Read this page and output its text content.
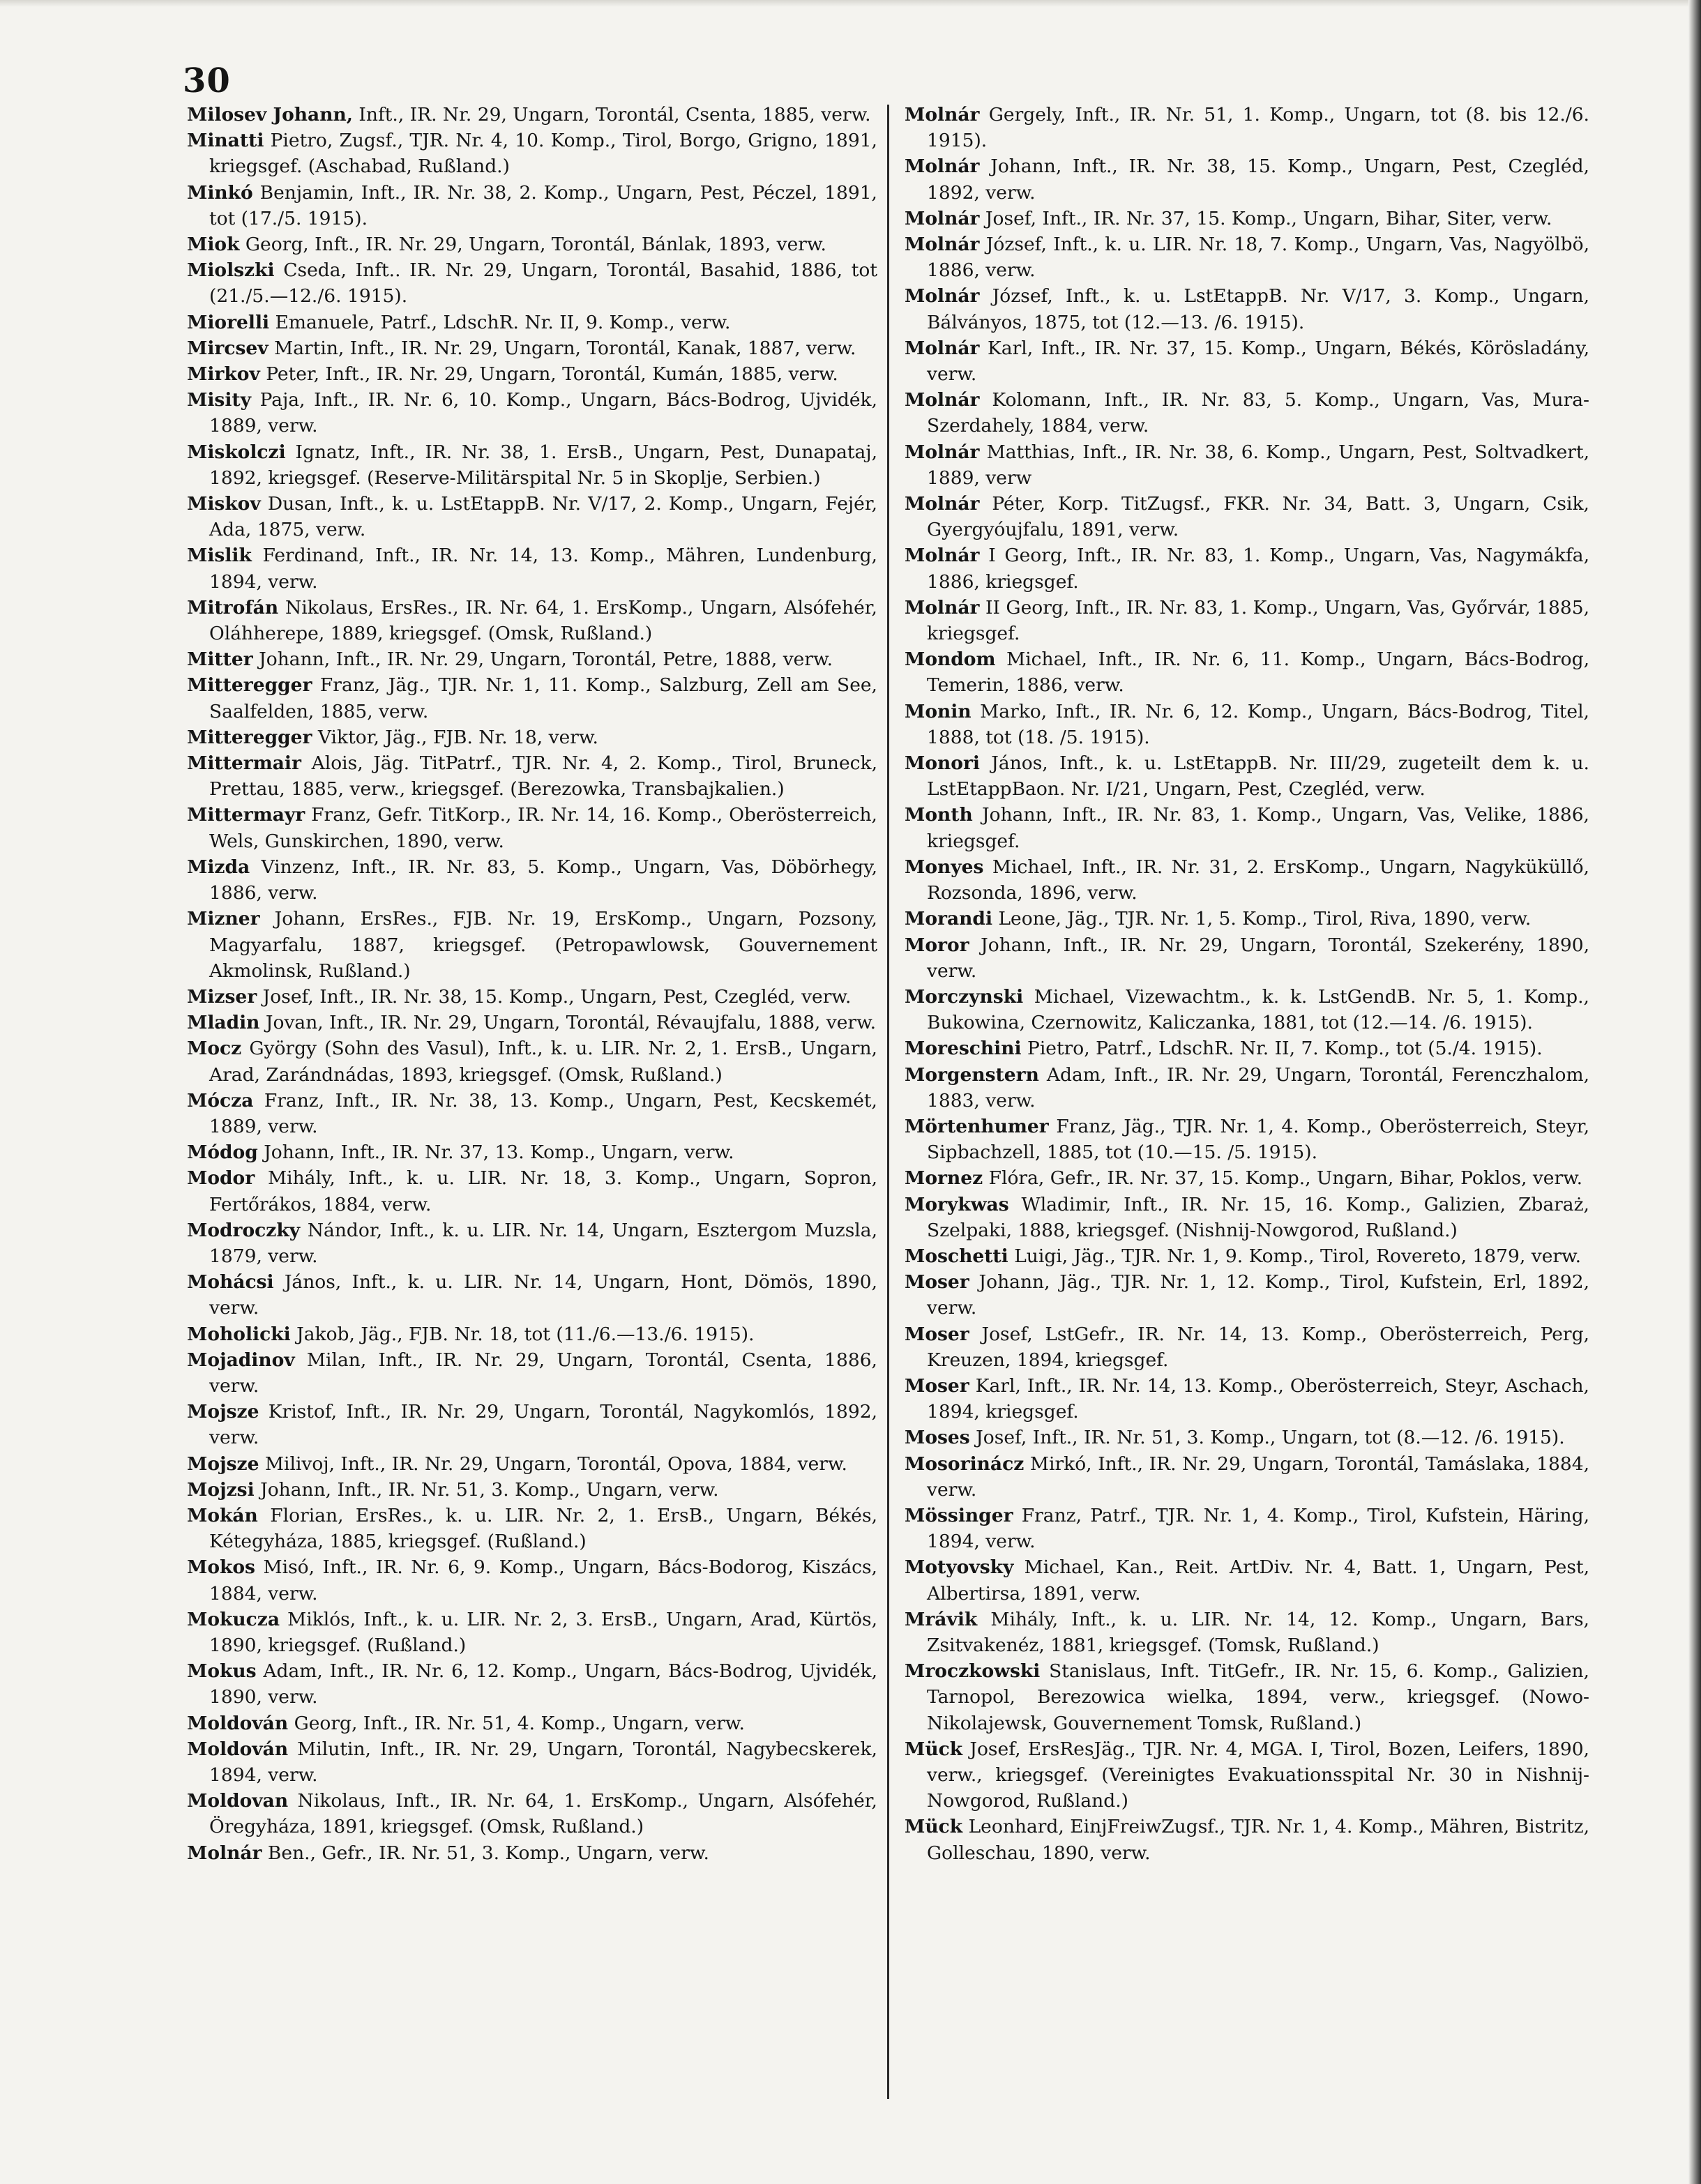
30
Milosev Johann, Inft., IR. Nr. 29, Ungarn, Torontál, Csenta, 1885, verw.
Minatti Pietro, Zugsf., TJR. Nr. 4, 10. Komp., Tirol, Borgo, Grigno, 1891, kriegsgef. (Aschabad, Rußland.)
Minkó Benjamin, Inft., IR. Nr. 38, 2. Komp., Ungarn, Pest, Péczel, 1891, tot (17./5. 1915).
Miok Georg, Inft., IR. Nr. 29, Ungarn, Torontál, Bánlak, 1893, verw.
Miolszki Cseda, Inft.. IR. Nr. 29, Ungarn, Torontál, Basahid, 1886, tot (21./5.—12./6. 1915).
Miorelli Emanuele, Patrf., LdschR. Nr. II, 9. Komp., verw.
Mircsev Martin, Inft., IR. Nr. 29, Ungarn, Torontál, Kanak, 1887, verw.
Mirkov Peter, Inft., IR. Nr. 29, Ungarn, Torontál, Kumán, 1885, verw.
Misity Paja, Inft., IR. Nr. 6, 10. Komp., Ungarn, Bács-Bodrog, Ujvidék, 1889, verw.
Miskolczi Ignatz, Inft., IR. Nr. 38, 1. ErsB., Ungarn, Pest, Dunapataj, 1892, kriegsgef. (Reserve-Militärspital Nr. 5 in Skoplje, Serbien.)
Miskov Dusan, Inft., k. u. LstEtappB. Nr. V/17, 2. Komp., Ungarn, Fejér, Ada, 1875, verw.
Mislik Ferdinand, Inft., IR. Nr. 14, 13. Komp., Mähren, Lundenburg, 1894, verw.
Mitrofán Nikolaus, ErsRes., IR. Nr. 64, 1. ErsKomp., Ungarn, Alsófehér, Oláhherepe, 1889, kriegsgef. (Omsk, Rußland.)
Mitter Johann, Inft., IR. Nr. 29, Ungarn, Torontál, Petre, 1888, verw.
Mitteregger Franz, Jäg., TJR. Nr. 1, 11. Komp., Salzburg, Zell am See, Saalfelden, 1885, verw.
Mitteregger Viktor, Jäg., FJB. Nr. 18, verw.
Mittermair Alois, Jäg. TitPatrf., TJR. Nr. 4, 2. Komp., Tirol, Bruneck, Prettau, 1885, verw., kriegsgef. (Berezowka, Transbajkalien.)
Mittermayr Franz, Gefr. TitKorp., IR. Nr. 14, 16. Komp., Oberösterreich, Wels, Gunskirchen, 1890, verw.
Mizda Vinzenz, Inft., IR. Nr. 83, 5. Komp., Ungarn, Vas, Döbörhegy, 1886, verw.
Mizner Johann, ErsRes., FJB. Nr. 19, ErsKomp., Ungarn, Pozsony, Magyarfalu, 1887, kriegsgef. (Petropawlowsk, Gouvernement Akmolinsk, Rußland.)
Mizser Josef, Inft., IR. Nr. 38, 15. Komp., Ungarn, Pest, Czegléd, verw.
Mladin Jovan, Inft., IR. Nr. 29, Ungarn, Torontál, Révaujfalu, 1888, verw.
Mocz György (Sohn des Vasul), Inft., k. u. LIR. Nr. 2, 1. ErsB., Ungarn, Arad, Zarándnádas, 1893, kriegsgef. (Omsk, Rußland.)
Mócza Franz, Inft., IR. Nr. 38, 13. Komp., Ungarn, Pest, Kecskemét, 1889, verw.
Módog Johann, Inft., IR. Nr. 37, 13. Komp., Ungarn, verw.
Modor Mihály, Inft., k. u. LIR. Nr. 18, 3. Komp., Ungarn, Sopron, Fertőrákos, 1884, verw.
Modroczky Nándor, Inft., k. u. LIR. Nr. 14, Ungarn, Esztergom Muzsla, 1879, verw.
Mohácsi János, Inft., k. u. LIR. Nr. 14, Ungarn, Hont, Dömös, 1890, verw.
Moholicki Jakob, Jäg., FJB. Nr. 18, tot (11./6.—13./6. 1915).
Mojadinov Milan, Inft., IR. Nr. 29, Ungarn, Torontál, Csenta, 1886, verw.
Mojsze Kristof, Inft., IR. Nr. 29, Ungarn, Torontál, Nagykomlós, 1892, verw.
Mojsze Milivoj, Inft., IR. Nr. 29, Ungarn, Torontál, Opova, 1884, verw.
Mojzsi Johann, Inft., IR. Nr. 51, 3. Komp., Ungarn, verw.
Mokán Florian, ErsRes., k. u. LIR. Nr. 2, 1. ErsB., Ungarn, Békés, Kétegyháza, 1885, kriegsgef. (Rußland.)
Mokos Misó, Inft., IR. Nr. 6, 9. Komp., Ungarn, Bács-Bodorog, Kiszács, 1884, verw.
Mokucza Miklós, Inft., k. u. LIR. Nr. 2, 3. ErsB., Ungarn, Arad, Kürtös, 1890, kriegsgef. (Rußland.)
Mokus Adam, Inft., IR. Nr. 6, 12. Komp., Ungarn, Bács-Bodrog, Ujvidék, 1890, verw.
Moldován Georg, Inft., IR. Nr. 51, 4. Komp., Ungarn, verw.
Moldován Milutin, Inft., IR. Nr. 29, Ungarn, Torontál, Nagybecskerek, 1894, verw.
Moldovan Nikolaus, Inft., IR. Nr. 64, 1. ErsKomp., Ungarn, Alsófehér, Öregyháza, 1891, kriegsgef. (Omsk, Rußland.)
Molnár Ben., Gefr., IR. Nr. 51, 3. Komp., Ungarn, verw.
Molnár Gergely, Inft., IR. Nr. 51, 1. Komp., Ungarn, tot (8. bis 12./6. 1915).
Molnár Johann, Inft., IR. Nr. 38, 15. Komp., Ungarn, Pest, Czegléd, 1892, verw.
Molnár Josef, Inft., IR. Nr. 37, 15. Komp., Ungarn, Bihar, Siter, verw.
Molnár József, Inft., k. u. LIR. Nr. 18, 7. Komp., Ungarn, Vas, Nagyölbö, 1886, verw.
Molnár József, Inft., k. u. LstEtappB. Nr. V/17, 3. Komp., Ungarn, Bálványos, 1875, tot (12.—13. /6. 1915).
Molnár Karl, Inft., IR. Nr. 37, 15. Komp., Ungarn, Békés, Körösladány, verw.
Molnár Kolomann, Inft., IR. Nr. 83, 5. Komp., Ungarn, Vas, Mura-Szerdahely, 1884, verw.
Molnár Matthias, Inft., IR. Nr. 38, 6. Komp., Ungarn, Pest, Soltvadkert, 1889, verw
Molnár Péter, Korp. TitZugsf., FKR. Nr. 34, Batt. 3, Ungarn, Csik, Gyergyóujfalu, 1891, verw.
Molnár I Georg, Inft., IR. Nr. 83, 1. Komp., Ungarn, Vas, Nagymákfa, 1886, kriegsgef.
Molnár II Georg, Inft., IR. Nr. 83, 1. Komp., Ungarn, Vas, Győrvár, 1885, kriegsgef.
Mondom Michael, Inft., IR. Nr. 6, 11. Komp., Ungarn, Bács-Bodrog, Temerin, 1886, verw.
Monin Marko, Inft., IR. Nr. 6, 12. Komp., Ungarn, Bács-Bodrog, Titel, 1888, tot (18. /5. 1915).
Monori János, Inft., k. u. LstEtappB. Nr. III/29, zugeteilt dem k. u. LstEtappBaon. Nr. I/21, Ungarn, Pest, Czegléd, verw.
Month Johann, Inft., IR. Nr. 83, 1. Komp., Ungarn, Vas, Velike, 1886, kriegsgef.
Monyes Michael, Inft., IR. Nr. 31, 2. ErsKomp., Ungarn, Nagyküküllő, Rozsonda, 1896, verw.
Morandi Leone, Jäg., TJR. Nr. 1, 5. Komp., Tirol, Riva, 1890, verw.
Moror Johann, Inft., IR. Nr. 29, Ungarn, Torontál, Szekerény, 1890, verw.
Morczynski Michael, Vizewachtm., k. k. LstGendB. Nr. 5, 1. Komp., Bukowina, Czernowitz, Kaliczanka, 1881, tot (12.—14. /6. 1915).
Moreschini Pietro, Patrf., LdschR. Nr. II, 7. Komp., tot (5./4. 1915).
Morgenstern Adam, Inft., IR. Nr. 29, Ungarn, Torontál, Ferenczhalom, 1883, verw.
Mörtenhumer Franz, Jäg., TJR. Nr. 1, 4. Komp., Oberösterreich, Steyr, Sipbachzell, 1885, tot (10.—15. /5. 1915).
Mornez Flóra, Gefr., IR. Nr. 37, 15. Komp., Ungarn, Bihar, Poklos, verw.
Morykwas Wladimir, Inft., IR. Nr. 15, 16. Komp., Galizien, Zbaraż, Szelpaki, 1888, kriegsgef. (Nishnij-Nowgorod, Rußland.)
Moschetti Luigi, Jäg., TJR. Nr. 1, 9. Komp., Tirol, Rovereto, 1879, verw.
Moser Johann, Jäg., TJR. Nr. 1, 12. Komp., Tirol, Kufstein, Erl, 1892, verw.
Moser Josef, LstGefr., IR. Nr. 14, 13. Komp., Oberösterreich, Perg, Kreuzen, 1894, kriegsgef.
Moser Karl, Inft., IR. Nr. 14, 13. Komp., Oberösterreich, Steyr, Aschach, 1894, kriegsgef.
Moses Josef, Inft., IR. Nr. 51, 3. Komp., Ungarn, tot (8.—12. /6. 1915).
Mosorinácz Mirkó, Inft., IR. Nr. 29, Ungarn, Torontál, Tamáslaka, 1884, verw.
Mössinger Franz, Patrf., TJR. Nr. 1, 4. Komp., Tirol, Kufstein, Häring, 1894, verw.
Motyovsky Michael, Kan., Reit. ArtDiv. Nr. 4, Batt. 1, Ungarn, Pest, Albertirsa, 1891, verw.
Mrávik Mihály, Inft., k. u. LIR. Nr. 14, 12. Komp., Ungarn, Bars, Zsitvakenéz, 1881, kriegsgef. (Tomsk, Rußland.)
Mroczkowski Stanislaus, Inft. TitGefr., IR. Nr. 15, 6. Komp., Galizien, Tarnopol, Berezowica wielka, 1894, verw., kriegsgef. (Nowo-Nikolajewsk, Gouvernement Tomsk, Rußland.)
Mück Josef, ErsResJäg., TJR. Nr. 4, MGA. I, Tirol, Bozen, Leifers, 1890, verw., kriegsgef. (Vereinigtes Evakuationsspital Nr. 30 in Nishnij-Nowgorod, Rußland.)
Mück Leonhard, EinjFreiwZugsf., TJR. Nr. 1, 4. Komp., Mähren, Bistritz, Golleschau, 1890, verw.
